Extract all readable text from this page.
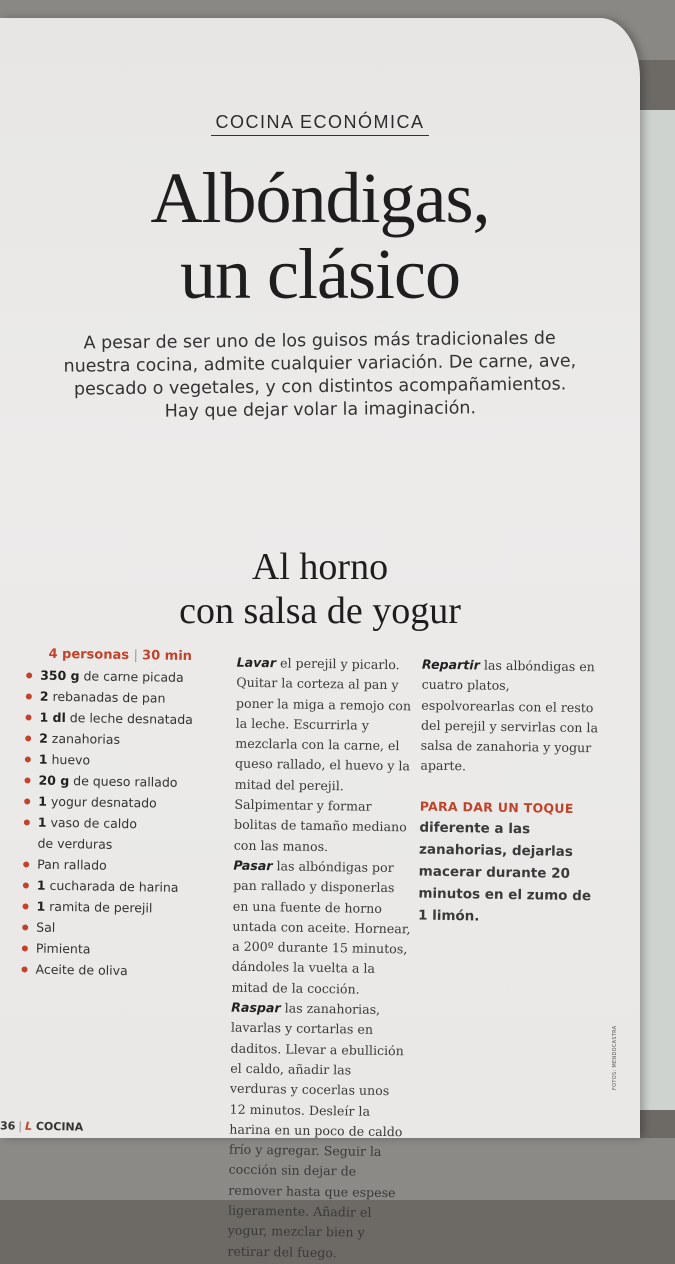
COCINA ECONÓMICA
Albóndigas,
un clásico
A pesar de ser uno de los guisos más tradicionales de nuestra cocina, admite cualquier variación. De carne, ave, pescado o vegetales, y con distintos acompañamientos. Hay que dejar volar la imaginación.
Al horno
con salsa de yogur
4 personas | 30 min
350 g de carne picada
2 rebanadas de pan
1 dl de leche desnatada
2 zanahorias
1 huevo
20 g de queso rallado
1 yogur desnatado
1 vaso de caldo
de verduras
Pan rallado
1 cucharada de harina
1 ramita de perejil
Sal
Pimienta
Aceite de oliva

Lavar el perejil y picarlo. Quitar la corteza al pan y poner la miga a remojo con la leche. Escurrirla y mezclarla con la carne, el queso rallado, el huevo y la mitad del perejil. Salpimentar y formar bolitas de tamaño mediano con las manos.

Pasar las albóndigas por pan rallado y disponerlas en una fuente de horno untada con aceite. Hornear, a 200º durante 15 minutos, dándoles la vuelta a la mitad de la cocción.

Raspar las zanahorias, lavarlas y cortarlas en daditos. Llevar a ebullición el caldo, añadir las verduras y cocerlas unos 12 minutos. Desleír la harina en un poco de caldo frío y agregar. Seguir la cocción sin dejar de remover hasta que espese ligeramente. Añadir el yogur, mezclar bien y retirar del fuego.

Repartir las albóndigas en cuatro platos, espolvorearlas con el resto del perejil y servirlas con la salsa de zanahoria y yogur aparte.

PARA DAR UN TOQUE
diferente a las zanahorias, dejarlas macerar durante 20 minutos en el zumo de 1 limón.
36 | L COCINA
FOTOS: MENDOCASTRA
